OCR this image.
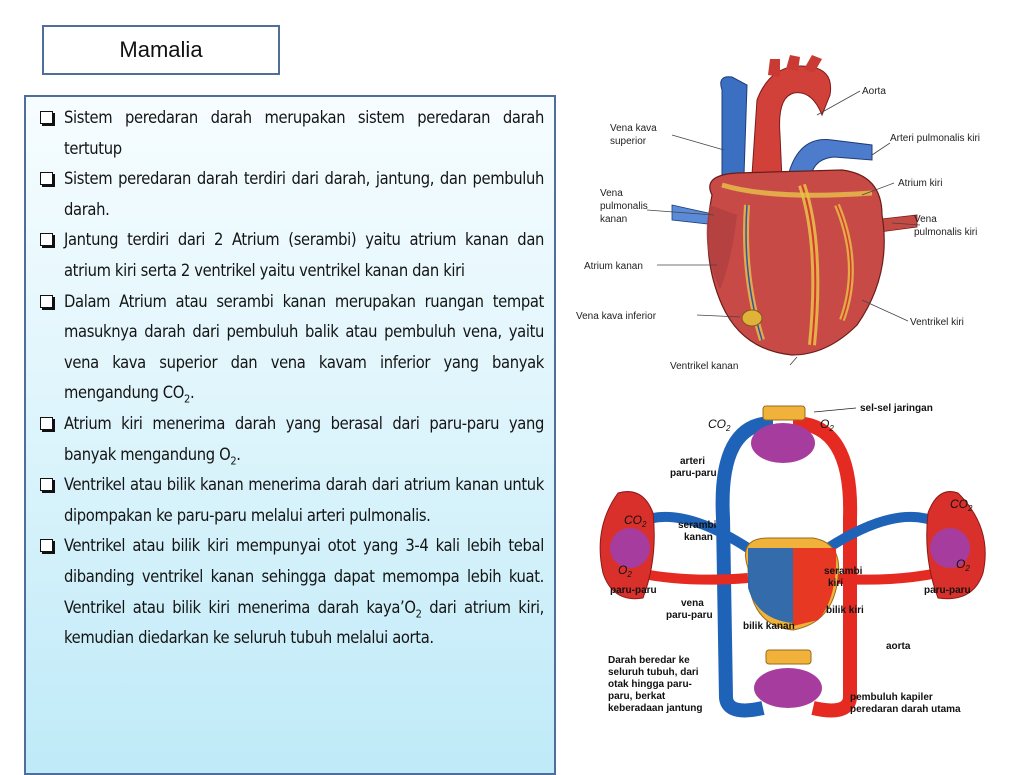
Mamalia
Sistem peredaran darah merupakan sistem peredaran darah tertutup
Sistem peredaran darah terdiri dari darah, jantung, dan pembuluh darah.
Jantung terdiri dari 2 Atrium (serambi) yaitu atrium kanan dan atrium kiri serta 2 ventrikel yaitu ventrikel kanan dan kiri
Dalam Atrium atau serambi kanan merupakan ruangan tempat masuknya darah dari pembuluh balik atau pembuluh vena, yaitu vena kava superior dan vena kavam inferior yang banyak mengandung $CO_2$.
Atrium kiri menerima darah yang berasal dari paru-paru yang banyak mengandung $O_2$.
Ventrikel atau bilik kanan menerima darah dari atrium kanan untuk dipompakan ke paru-paru melalui arteri pulmonalis.
Ventrikel atau bilik kiri mempunyai otot yang 3-4 kali lebih tebal dibanding ventrikel kanan sehingga dapat memompa lebih kuat. Ventrikel atau bilik kiri menerima darah $kaya’O_2$ dari atrium kiri, kemudian diedarkan ke seluruh tubuh melalui aorta.
Aorta
Vena kava
superior	Arteri pulmonalis kiri
Vena
pulmonalis
kanan
Atrium kiri
Vena
pulmonalis kiri
Atrium kanan
Vena kava inferior
Ventrikel kiri
Ventrikel kanan
$CO_2$	$O_2$
sel-sel jaringan
arteri
paru-paru
$CO_2$
$CO_2$
serambi
kanan
$O_2$
$O_2$
paru-paru	paru-paru
vena
paru-paru
serambi
kiri
bilik kiri
bilik kanan
aorta
Darah beredar ke
seluruh tubuh, dari
otak hingga paru-
paru, berkat
keberadaan jantung
pembuluh kapiler
peredaran darah utama
